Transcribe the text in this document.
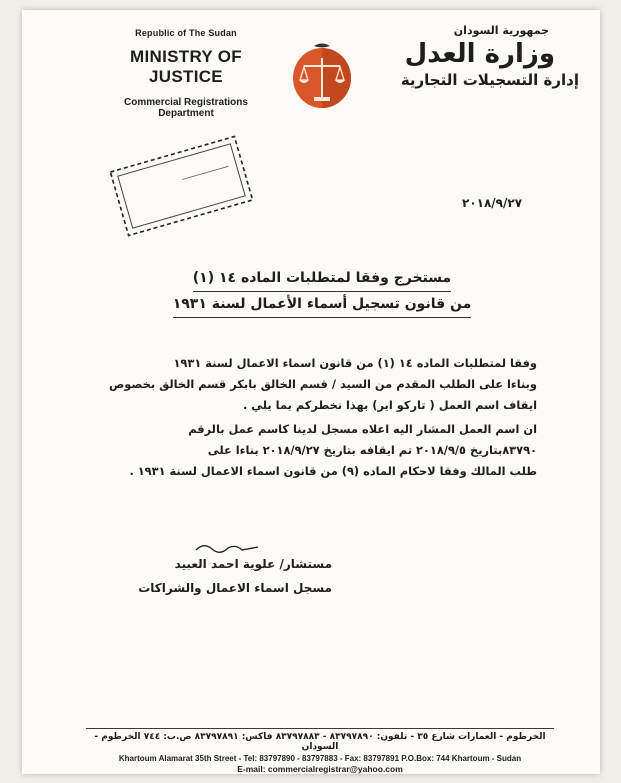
Republic of The Sudan
MINISTRY OF JUSTICE
Commercial Registrations Department
جمهورية السودان
وزارة العدل
إدارة التسجيلات التجارية
٢٠١٨/٩/٢٧
مستخرج وفقا لمتطلبات الماده ١٤ (١)
من قانون تسجيل أسماء الأعمال لسنة ١٩٣١
وفقا لمتطلبات الماده ١٤ (١) من قانون اسماء الاعمال لسنة ١٩٣١
وبناءا على الطلب المقدم من السيد / قسم الخالق بابكر قسم الخالق بخصوص
ايقاف اسم العمل ( تاركو اير) بهذا نخطركم بما يلي .
ان اسم العمل المشار اليه اعلاه مسجل لدينا كاسم عمل بالرقم
٨٣٧٩٠بتاريخ ٢٠١٨/٩/٥ تم ايقافه بتاريخ ٢٠١٨/٩/٢٧ بناءا على
طلب المالك وفقا لاحكام الماده (٩) من قانون اسماء الاعمال لسنة ١٩٣١ .
مستشار/ علوية احمد العبيد
مسجل اسماء الاعمال والشراكات
الخرطوم - العمارات شارع ٣٥ - تلفون: ٨٣٧٩٧٨٩٠ - ٨٣٧٩٧٨٨٣ فاكس: ٨٣٧٩٧٨٩١ ص.ب: ٧٤٤ الخرطوم - السودان
Khartoum Alamarat 35th Street - Tel: 83797890 - 83797883 - Fax: 83797891 P.O.Box: 744 Khartoum - Sudan
E-mail: commercialregistrar@yahoo.com
